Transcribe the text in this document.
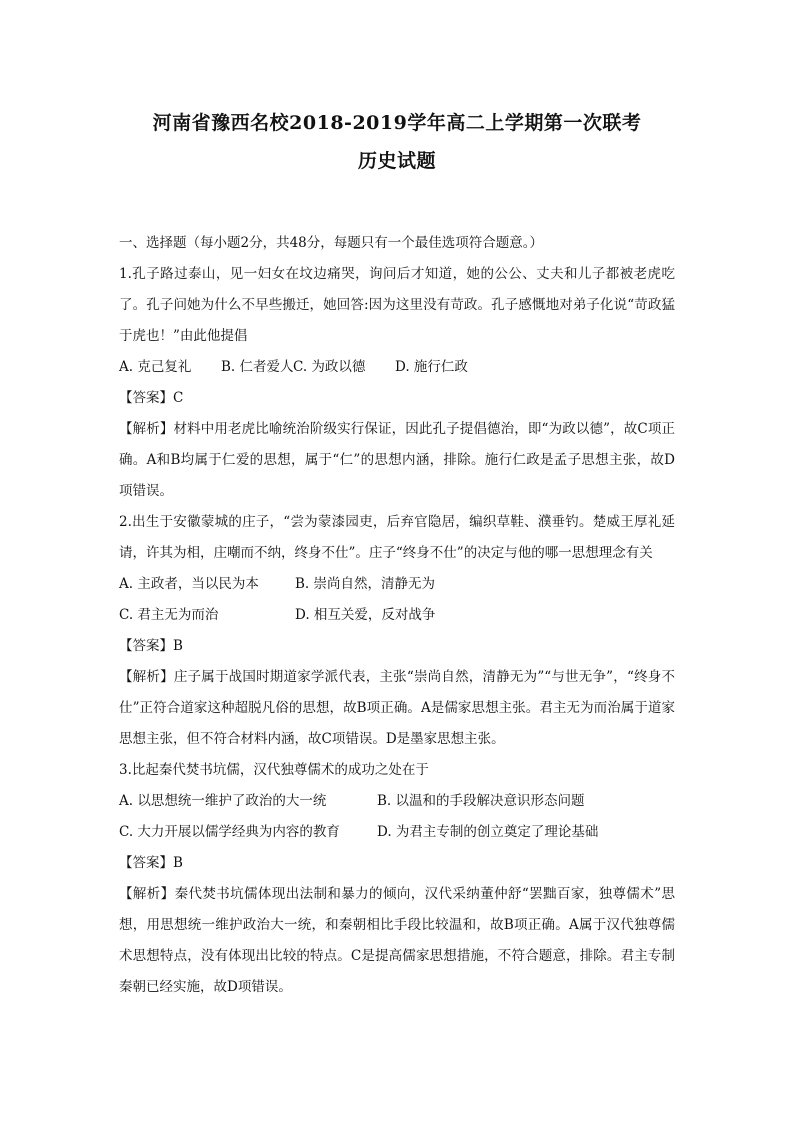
河南省豫西名校2018-2019学年高二上学期第一次联考
历史试题

一、选择题（每小题2分，共48分，每题只有一个最佳选项符合题意。）

1.孔子路过泰山，见一妇女在坟边痛哭，询问后才知道，她的公公、丈夫和儿子都被老虎吃了。孔子问她为什么不早些搬迁，她回答:因为这里没有苛政。孔子感慨地对弟子化说“苛政猛于虎也！”由此他提倡

A. 克己复礼 B. 仁者爱人 C. 为政以德	D. 施行仁政

【答案】C

【解析】材料中用老虎比喻统治阶级实行保证，因此孔子提倡德治，即“为政以德”，故C项正确。A和B均属于仁爱的思想，属于“仁”的思想内涵，排除。施行仁政是孟子思想主张，故D项错误。

2.出生于安徽蒙城的庄子，“尝为蒙漆园吏，后弃官隐居，编织草鞋、濮垂钓。楚威王厚礼延请，许其为相，庄嘲而不纳，终身不仕”。庄子“终身不仕”的决定与他的哪一思想理念有关

A. 主政者，当以民为本	B. 崇尚自然，清静无为
C. 君主无为而治	D. 相互关爱，反对战争

【答案】B

【解析】庄子属于战国时期道家学派代表，主张“崇尚自然，清静无为”“与世无争”，“终身不仕”正符合道家这种超脱凡俗的思想，故B项正确。A是儒家思想主张。君主无为而治属于道家思想主张，但不符合材料内涵，故C项错误。D是墨家思想主张。

3.比起秦代焚书坑儒，汉代独尊儒术的成功之处在于

A. 以思想统一维护了政治的大一统	B. 以温和的手段解决意识形态问题
C. 大力开展以儒学经典为内容的教育	D. 为君主专制的创立奠定了理论基础

【答案】B

【解析】秦代焚书坑儒体现出法制和暴力的倾向，汉代采纳董仲舒“罢黜百家，独尊儒术”思想，用思想统一维护政治大一统，和秦朝相比手段比较温和，故B项正确。A属于汉代独尊儒术思想特点，没有体现出比较的特点。C是提高儒家思想措施，不符合题意，排除。君主专制秦朝已经实施，故D项错误。
